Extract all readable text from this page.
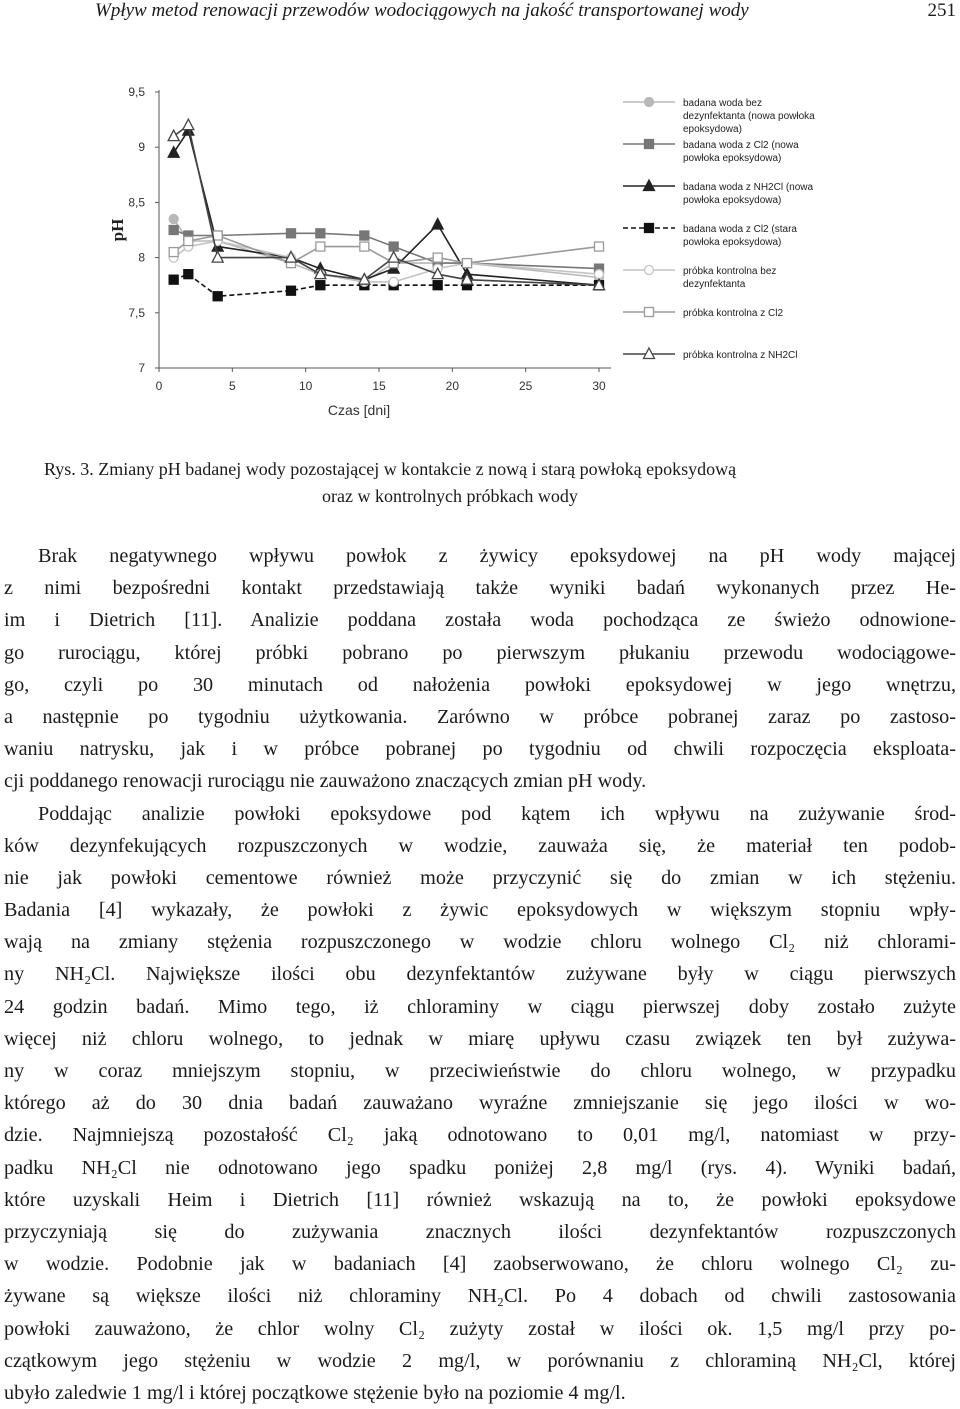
Wpływ metod renowacji przewodów wodociągowych na jakość transportowanej wody	251
7
7,5
8
8,5
9
9,5
0	5	10	15	20	25	30
Czas [dni]
pH
badana woda bez dezynfektanta (nowa powłoka epoksydowa)
badana woda z Cl2 (nowa powłoka epoksydowa)
badana woda z NH2Cl (nowa powłoka epoksydowa)
badana woda z Cl2 (stara powłoka epoksydowa)
próbka kontrolna bez dezynfektanta
próbka kontrolna z Cl2
próbka kontrolna z NH2Cl
Rys. 3. Zmiany pH badanej wody pozostającej w kontakcie z nową i starą powłoką epoksydową
oraz w kontrolnych próbkach wody
Brak negatywnego wpływu powłok z żywicy epoksydowej na pH wody mającej
z nimi bezpośredni kontakt przedstawiają także wyniki badań wykonanych przez He-
im i Dietrich [11]. Analizie poddana została woda pochodząca ze świeżo odnowione-
go rurociągu, której próbki pobrano po pierwszym płukaniu przewodu wodociągowe-
go, czyli po 30 minutach od nałożenia powłoki epoksydowej w jego wnętrzu,
a następnie po tygodniu użytkowania. Zarówno w próbce pobranej zaraz po zastoso-
waniu natrysku, jak i w próbce pobranej po tygodniu od chwili rozpoczęcia eksploata-
cji poddanego renowacji rurociągu nie zauważono znaczących zmian pH wody.
Poddając analizie powłoki epoksydowe pod kątem ich wpływu na zużywanie środ-
ków dezynfekujących rozpuszczonych w wodzie, zauważa się, że materiał ten podob-
nie jak powłoki cementowe również może przyczynić się do zmian w ich stężeniu.
Badania [4] wykazały, że powłoki z żywic epoksydowych w większym stopniu wpły-
wają na zmiany stężenia rozpuszczonego w wodzie chloru wolnego Cl₂ niż chlorami-
ny NH₂Cl. Największe ilości obu dezynfektantów zużywane były w ciągu pierwszych
24 godzin badań. Mimo tego, iż chloraminy w ciągu pierwszej doby zostało zużyte
więcej niż chloru wolnego, to jednak w miarę upływu czasu związek ten był zużywa-
ny w coraz mniejszym stopniu, w przeciwieństwie do chloru wolnego, w przypadku
którego aż do 30 dnia badań zauważano wyraźne zmniejszanie się jego ilości w wo-
dzie. Najmniejszą pozostałość Cl₂ jaką odnotowano to 0,01 mg/l, natomiast w przy-
padku NH₂Cl nie odnotowano jego spadku poniżej 2,8 mg/l (rys. 4). Wyniki badań,
które uzyskali Heim i Dietrich [11] również wskazują na to, że powłoki epoksydowe
przyczyniają się do zużywania znacznych ilości dezynfektantów rozpuszczonych
w wodzie. Podobnie jak w badaniach [4] zaobserwowano, że chloru wolnego Cl₂ zu-
żywane są większe ilości niż chloraminy NH₂Cl. Po 4 dobach od chwili zastosowania
powłoki zauważono, że chlor wolny Cl₂ zużyty został w ilości ok. 1,5 mg/l przy po-
czątkowym jego stężeniu w wodzie 2 mg/l, w porównaniu z chloraminą NH₂Cl, której
ubyło zaledwie 1 mg/l i której początkowe stężenie było na poziomie 4 mg/l.
